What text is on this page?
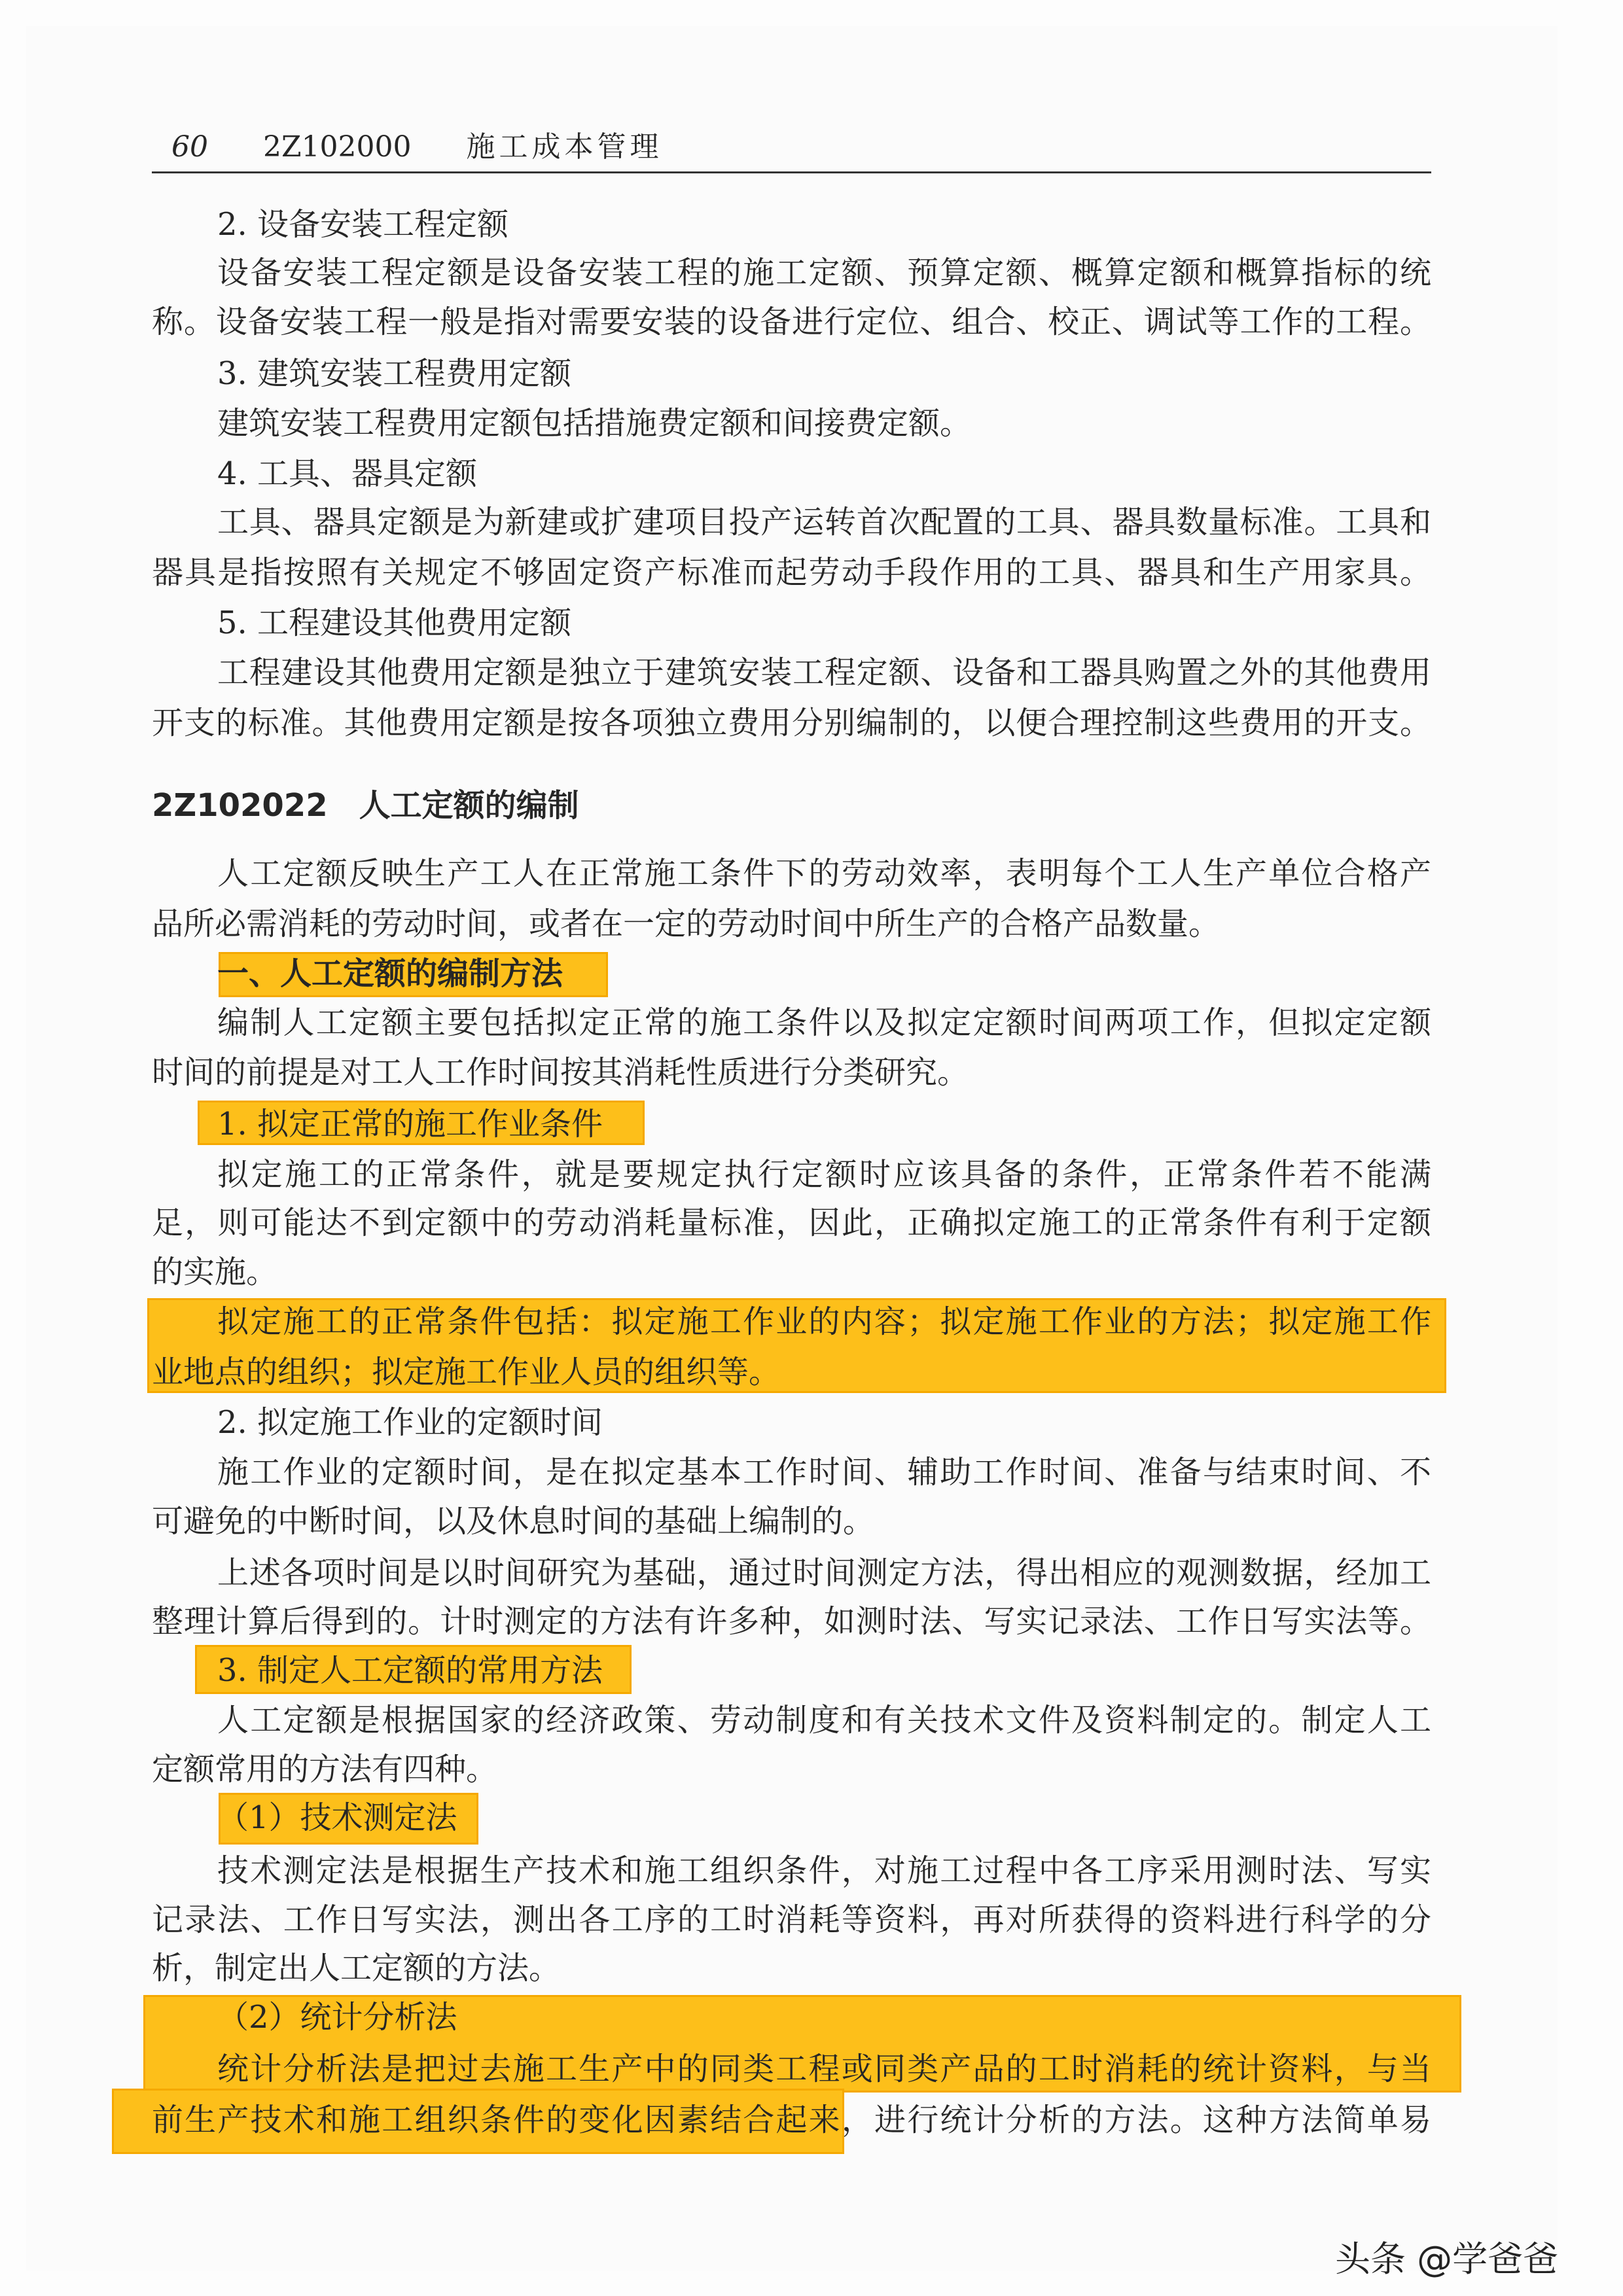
60 2Z102000 施工成本管理
2. 设备安装工程定额
设备安装工程定额是设备安装工程的施工定额、预算定额、概算定额和概算指标的统
称。设备安装工程一般是指对需要安装的设备进行定位、组合、校正、调试等工作的工程。
3. 建筑安装工程费用定额
建筑安装工程费用定额包括措施费定额和间接费定额。
4. 工具、器具定额
工具、器具定额是为新建或扩建项目投产运转首次配置的工具、器具数量标准。工具和
器具是指按照有关规定不够固定资产标准而起劳动手段作用的工具、器具和生产用家具。
5. 工程建设其他费用定额
工程建设其他费用定额是独立于建筑安装工程定额、设备和工器具购置之外的其他费用
开支的标准。其他费用定额是按各项独立费用分别编制的，以便合理控制这些费用的开支。
2Z102022　人工定额的编制
人工定额反映生产工人在正常施工条件下的劳动效率，表明每个工人生产单位合格产
品所必需消耗的劳动时间，或者在一定的劳动时间中所生产的合格产品数量。
一、人工定额的编制方法
编制人工定额主要包括拟定正常的施工条件以及拟定定额时间两项工作，但拟定定额
时间的前提是对工人工作时间按其消耗性质进行分类研究。
1. 拟定正常的施工作业条件
拟定施工的正常条件，就是要规定执行定额时应该具备的条件，正常条件若不能满
足，则可能达不到定额中的劳动消耗量标准，因此，正确拟定施工的正常条件有利于定额
的实施。
拟定施工的正常条件包括：拟定施工作业的内容；拟定施工作业的方法；拟定施工作
业地点的组织；拟定施工作业人员的组织等。
2. 拟定施工作业的定额时间
施工作业的定额时间，是在拟定基本工作时间、辅助工作时间、准备与结束时间、不
可避免的中断时间，以及休息时间的基础上编制的。
上述各项时间是以时间研究为基础，通过时间测定方法，得出相应的观测数据，经加工
整理计算后得到的。计时测定的方法有许多种，如测时法、写实记录法、工作日写实法等。
3. 制定人工定额的常用方法
人工定额是根据国家的经济政策、劳动制度和有关技术文件及资料制定的。制定人工
定额常用的方法有四种。
（1）技术测定法
技术测定法是根据生产技术和施工组织条件，对施工过程中各工序采用测时法、写实
记录法、工作日写实法，测出各工序的工时消耗等资料，再对所获得的资料进行科学的分
析，制定出人工定额的方法。
（2）统计分析法
统计分析法是把过去施工生产中的同类工程或同类产品的工时消耗的统计资料，与当
前生产技术和施工组织条件的变化因素结合起来，进行统计分析的方法。这种方法简单易
头条 @学爸爸
